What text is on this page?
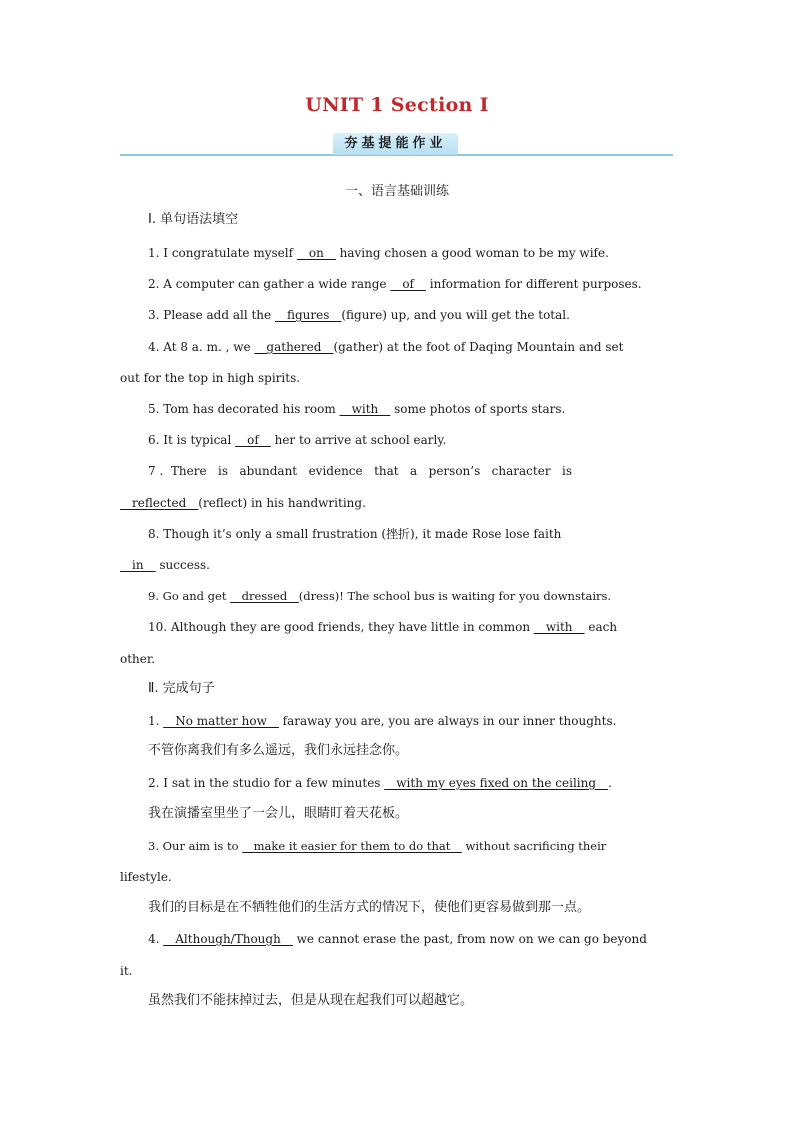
UNIT 1 Section Ⅰ
夯基提能作业
一、语言基础训练
Ⅰ. 单句语法填空
1. I congratulate myself __on__ having chosen a good woman to be my wife.
2. A computer can gather a wide range __of__ information for different purposes.
3. Please add all the __figures__(figure) up, and you will get the total.
4. At 8 a. m. , we __gathered__(gather) at the foot of Daqing Mountain and set
out for the top in high spirits.
5. Tom has decorated his room __with__ some photos of sports stars.
6. It is typical __of__ her to arrive at school early.
7 .  There   is   abundant   evidence   that   a   person’s   character   is
__reflected__(reflect) in his handwriting.
8. Though it’s only a small frustration (挫折), it made Rose lose faith
__in__ success.
9. Go and get __dressed__(dress)! The school bus is waiting for you downstairs.
10. Although they are good friends, they have little in common __with__ each
other.
Ⅱ. 完成句子
1. __No matter how__ faraway you are, you are always in our inner thoughts.
不管你离我们有多么遥远，我们永远挂念你。
2. I sat in the studio for a few minutes __with my eyes fixed on the ceiling__.
我在演播室里坐了一会儿，眼睛盯着天花板。
3. Our aim is to __make it easier for them to do that__ without sacrificing their
lifestyle.
我们的目标是在不牺牲他们的生活方式的情况下，使他们更容易做到那一点。
4. __Although/Though__ we cannot erase the past, from now on we can go beyond
it.
虽然我们不能抹掉过去，但是从现在起我们可以超越它。
